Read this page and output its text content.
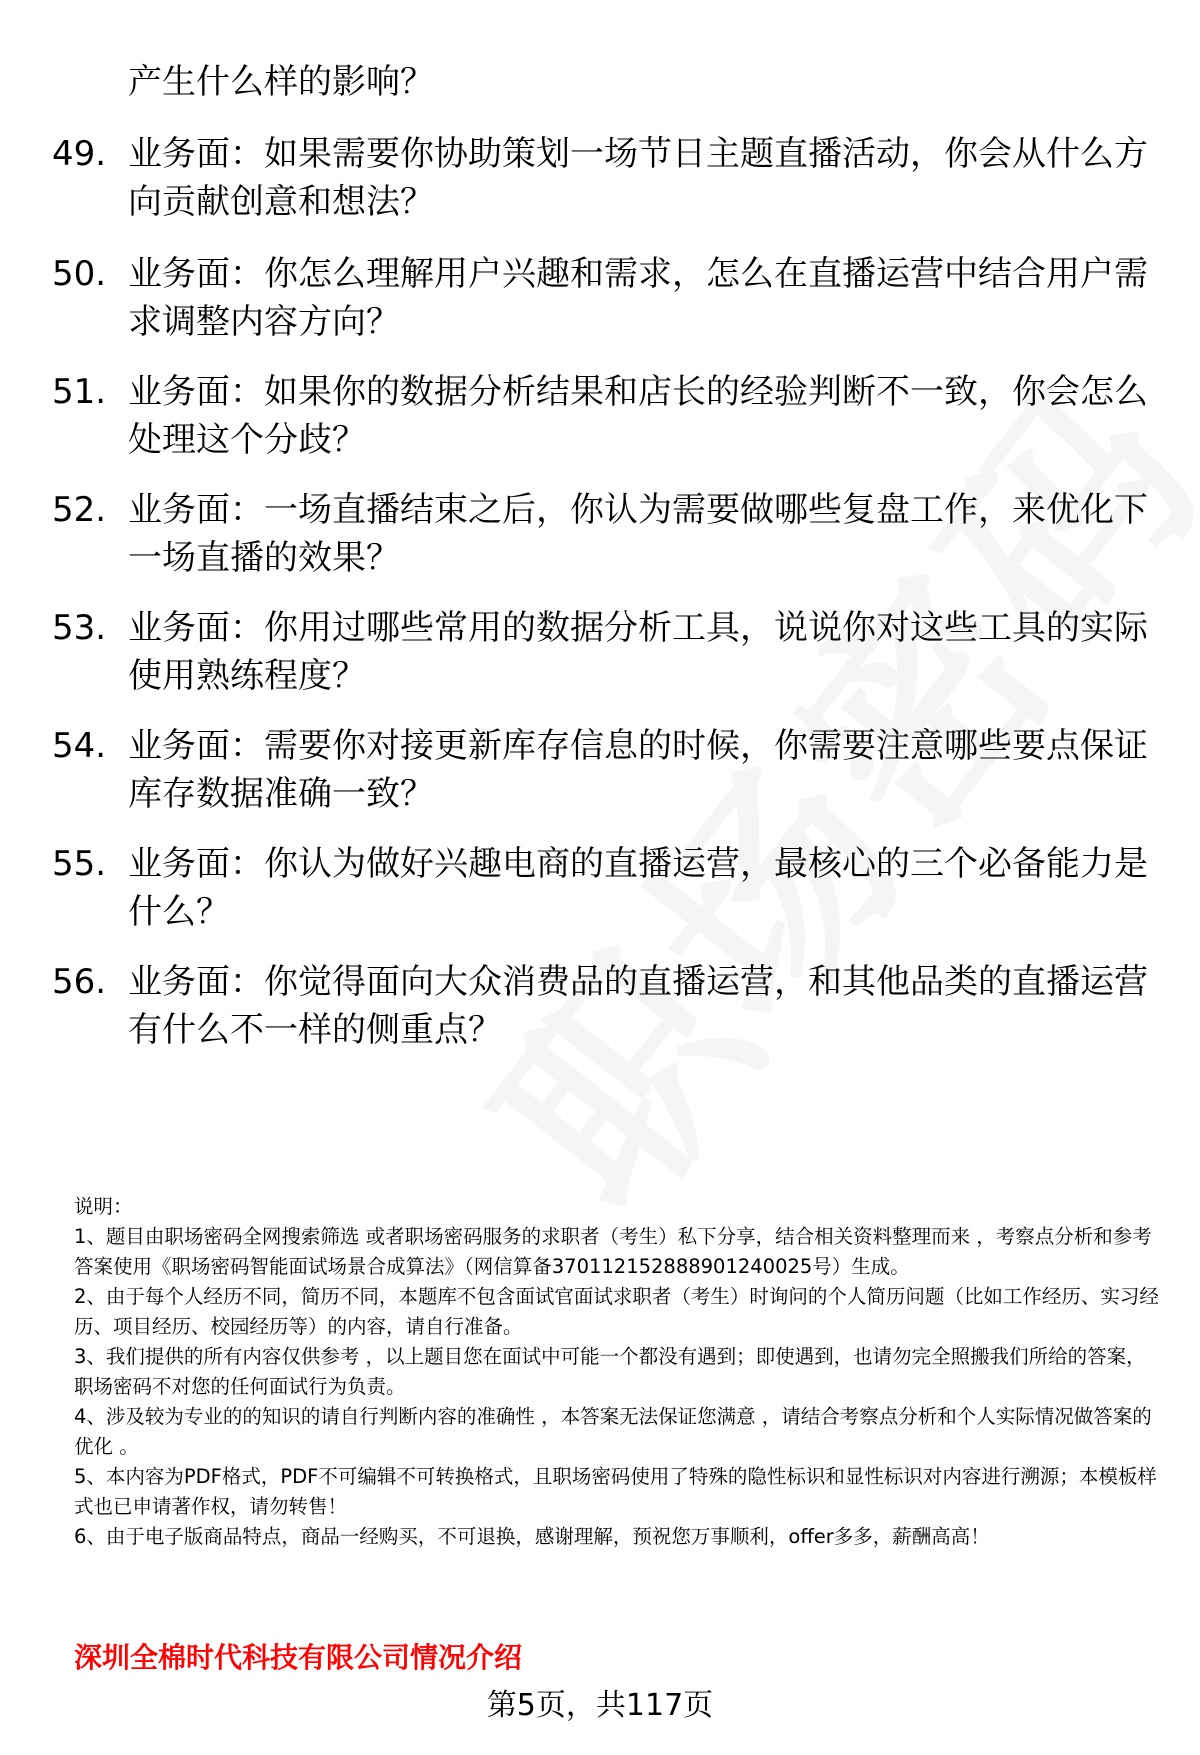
产生什么样的影响？

49. 业务面：如果需要你协助策划一场节日主题直播活动，你会从什么方向贡献创意和想法？
50. 业务面：你怎么理解用户兴趣和需求，怎么在直播运营中结合用户需求调整内容方向？
51. 业务面：如果你的数据分析结果和店长的经验判断不一致，你会怎么处理这个分歧？
52. 业务面：一场直播结束之后，你认为需要做哪些复盘工作，来优化下一场直播的效果？
53. 业务面：你用过哪些常用的数据分析工具，说说你对这些工具的实际使用熟练程度？
54. 业务面：需要你对接更新库存信息的时候，你需要注意哪些要点保证库存数据准确一致？
55. 业务面：你认为做好兴趣电商的直播运营，最核心的三个必备能力是什么？
56. 业务面：你觉得面向大众消费品的直播运营，和其他品类的直播运营有什么不一样的侧重点？

说明：

1、题目由职场密码全网搜索筛选 或者职场密码服务的求职者（考生）私下分享，结合相关资料整理而来 ，考察点分析和参考答案使用《职场密码智能面试场景合成算法》（网信算备370112152888901240025号）生成。

2、由于每个人经历不同，简历不同，本题库不包含面试官面试求职者（考生）时询问的个人简历问题（比如工作经历、实习经历、项目经历、校园经历等）的内容，请自行准备。

3、我们提供的所有内容仅供参考 ，以上题目您在面试中可能一个都没有遇到；即使遇到，也请勿完全照搬我们所给的答案，职场密码不对您的任何面试行为负责。

4、涉及较为专业的的知识的请自行判断内容的准确性 ，本答案无法保证您满意 ，请结合考察点分析和个人实际情况做答案的优化 。

5、本内容为PDF格式，PDF不可编辑不可转换格式，且职场密码使用了特殊的隐性标识和显性标识对内容进行溯源；本模板样式也已申请著作权，请勿转售！

6、由于电子版商品特点，商品一经购买，不可退换，感谢理解，预祝您万事顺利，offer多多，薪酬高高！

深圳全棉时代科技有限公司情况介绍
第5页，共117页
